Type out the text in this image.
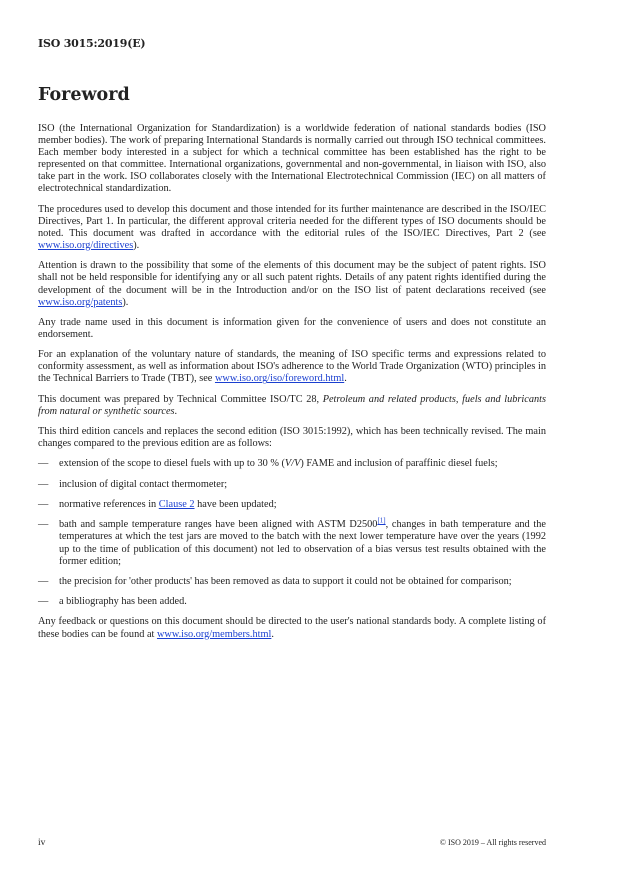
ISO 3015:2019(E)
Foreword

ISO (the International Organization for Standardization) is a worldwide federation of national standards bodies (ISO member bodies). The work of preparing International Standards is normally carried out through ISO technical committees. Each member body interested in a subject for which a technical committee has been established has the right to be represented on that committee. International organizations, governmental and non-governmental, in liaison with ISO, also take part in the work. ISO collaborates closely with the International Electrotechnical Commission (IEC) on all matters of electrotechnical standardization.

The procedures used to develop this document and those intended for its further maintenance are described in the ISO/IEC Directives, Part 1. In particular, the different approval criteria needed for the different types of ISO documents should be noted. This document was drafted in accordance with the editorial rules of the ISO/IEC Directives, Part 2 (see www.iso.org/directives).

Attention is drawn to the possibility that some of the elements of this document may be the subject of patent rights. ISO shall not be held responsible for identifying any or all such patent rights. Details of any patent rights identified during the development of the document will be in the Introduction and/or on the ISO list of patent declarations received (see www.iso.org/patents).

Any trade name used in this document is information given for the convenience of users and does not constitute an endorsement.

For an explanation of the voluntary nature of standards, the meaning of ISO specific terms and expressions related to conformity assessment, as well as information about ISO's adherence to the World Trade Organization (WTO) principles in the Technical Barriers to Trade (TBT), see www.iso.org/iso/foreword.html.

This document was prepared by Technical Committee ISO/TC 28, Petroleum and related products, fuels and lubricants from natural or synthetic sources.

This third edition cancels and replaces the second edition (ISO 3015:1992), which has been technically revised. The main changes compared to the previous edition are as follows:

— extension of the scope to diesel fuels with up to 30 % (V/V) FAME and inclusion of paraffinic diesel fuels;
— inclusion of digital contact thermometer;
— normative references in Clause 2 have been updated;
— bath and sample temperature ranges have been aligned with ASTM D2500[1], changes in bath temperature and the temperatures at which the test jars are moved to the batch with the next lower temperature have over the years (1992 up to the time of publication of this document) not led to observation of a bias versus test results obtained with the former edition;
— the precision for 'other products' has been removed as data to support it could not be obtained for comparison;
— a bibliography has been added.

Any feedback or questions on this document should be directed to the user's national standards body. A complete listing of these bodies can be found at www.iso.org/members.html.

iv	© ISO 2019 – All rights reserved
